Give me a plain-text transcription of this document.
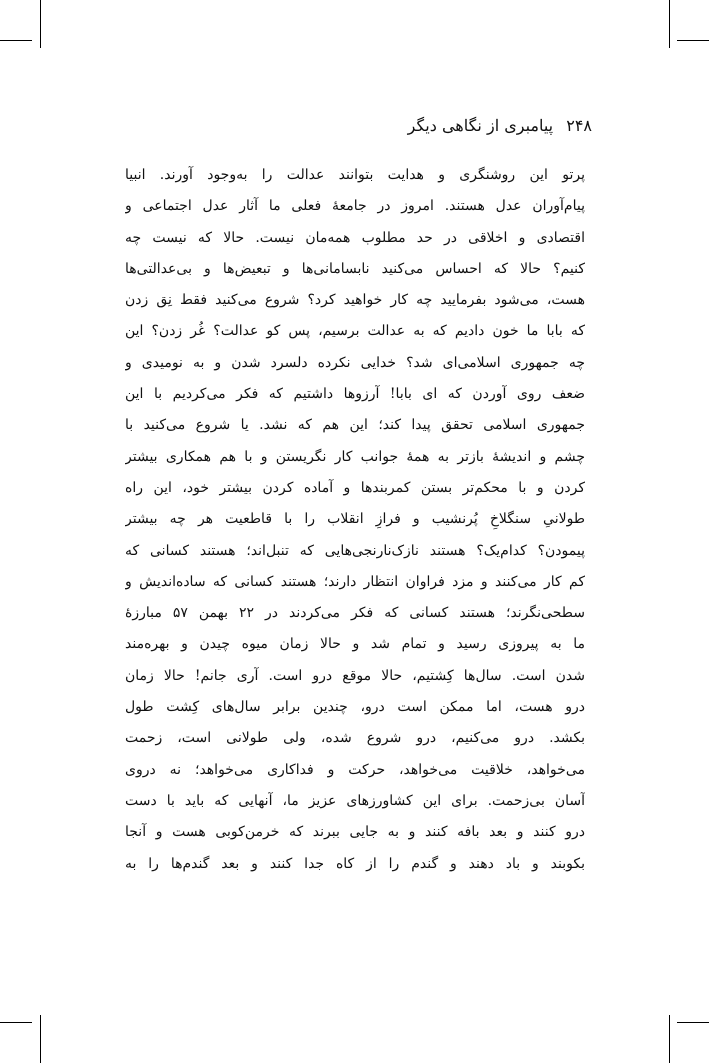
۲۴۸ پیامبری از نگاهی دیگر
پرتو این روشنگری و هدایت بتوانند عدالت را به‌وجود آورند. انبیا
پیام‌آوران عدل هستند. امروز در جامعهٔ فعلی ما آثار عدل اجتماعی و
اقتصادی و اخلاقی در حد مطلوب همه‌مان نیست. حالا که نیست چه
کنیم؟ حالا که احساس می‌کنید نابسامانی‌ها و تبعیض‌ها و بی‌عدالتی‌ها
هست، می‌شود بفرمایید چه کار خواهید کرد؟ شروع می‌کنید فقط نِق زدن
که بابا ما خون دادیم که به عدالت برسیم، پس کو عدالت؟ غُر زدن؟ این
چه جمهوری اسلامی‌ای شد؟ خدایی نکرده دلسرد شدن و به نومیدی و
ضعف روی آوردن که ای بابا! آرزوها داشتیم که فکر می‌کردیم با این
جمهوری اسلامی تحقق پیدا کند؛ این هم که نشد. یا شروع می‌کنید با
چشم و اندیشهٔ بازتر به همهٔ جوانب کار نگریستن و با هم همکاری بیشتر
کردن و با محکم‌تر بستن کمربندها و آماده کردن بیشتر خود، این راه
طولانیِ سنگلاخِ پُرنشیب و فرازِ انقلاب را با قاطعیت هر چه بیشتر
پیمودن؟ کدام‌یک؟ هستند نازک‌نارنجی‌هایی که تنبل‌اند؛ هستند کسانی که
کم کار می‌کنند و مزد فراوان انتظار دارند؛ هستند کسانی که ساده‌اندیش و
سطحی‌نگرند؛ هستند کسانی که فکر می‌کردند در ۲۲ بهمن ۵۷ مبارزهٔ
ما به پیروزی رسید و تمام شد و حالا زمان میوه چیدن و بهره‌مند
شدن است. سال‌ها کِشتیم، حالا موقع درو است. آری جانم! حالا زمان
درو هست، اما ممکن است درو، چندین برابر سال‌های کِشت طول
بکشد. درو می‌کنیم، درو شروع شده، ولی طولانی است، زحمت
می‌خواهد، خلاقیت می‌خواهد، حرکت و فداکاری می‌خواهد؛ نه دروی
آسان بی‌زحمت. برای این کشاورزهای عزیز ما، آنهایی که باید با دست
درو کنند و بعد بافه کنند و به جایی ببرند که خرمن‌کوبی هست و آنجا
بکوبند و باد دهند و گندم را از کاه جدا کنند و بعد گندم‌ها را به
